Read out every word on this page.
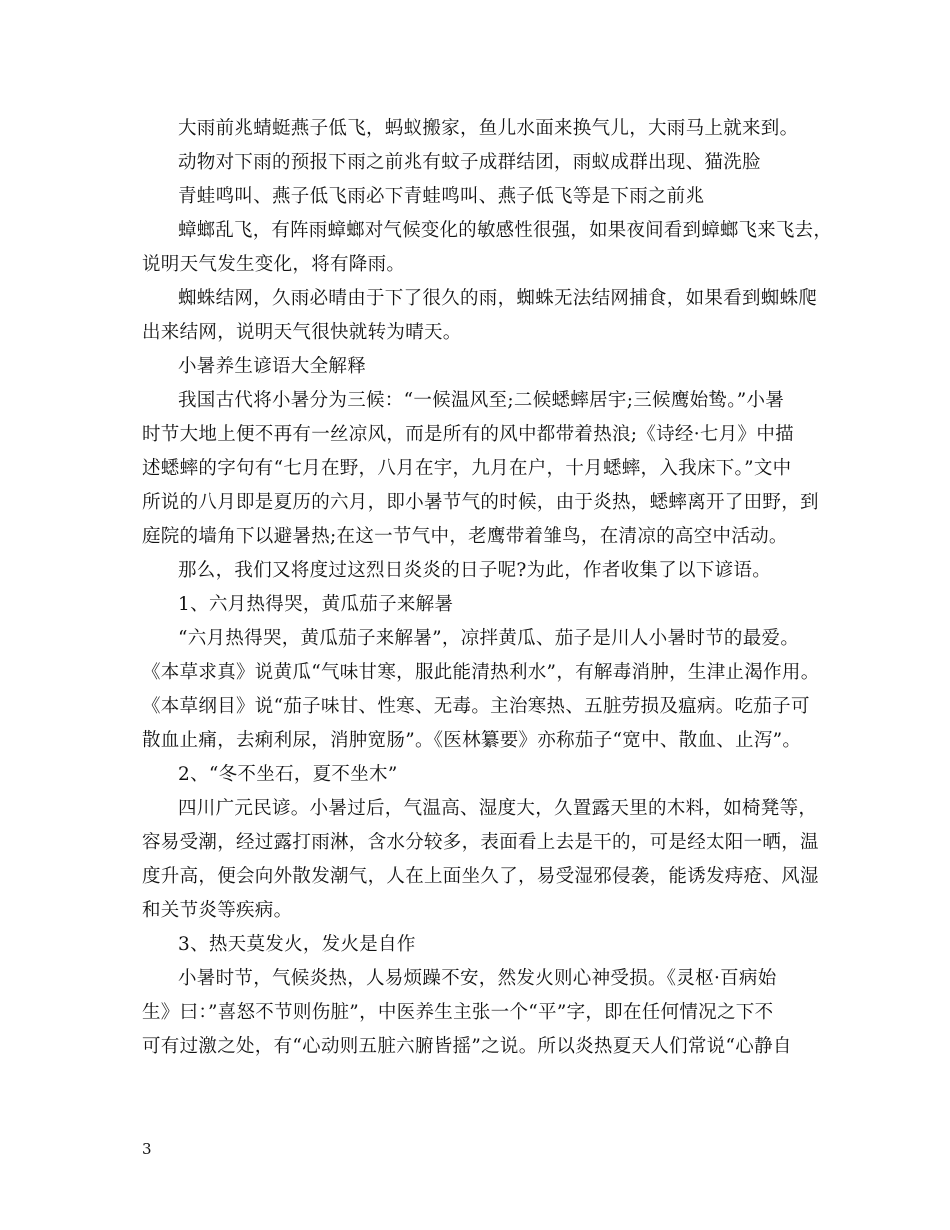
大雨前兆蜻蜓燕子低飞，蚂蚁搬家，鱼儿水面来换气儿，大雨马上就来到。
动物对下雨的预报下雨之前兆有蚊子成群结团，雨蚁成群出现、猫洗脸
青蛙鸣叫、燕子低飞雨必下青蛙鸣叫、燕子低飞等是下雨之前兆
蟑螂乱飞，有阵雨蟑螂对气候变化的敏感性很强，如果夜间看到蟑螂飞来飞去，
说明天气发生变化，将有降雨。
蜘蛛结网，久雨必晴由于下了很久的雨，蜘蛛无法结网捕食，如果看到蜘蛛爬
出来结网，说明天气很快就转为晴天。
小暑养生谚语大全解释
我国古代将小暑分为三候：“一候温风至;二候蟋蟀居宇;三候鹰始鸷。”小暑
时节大地上便不再有一丝凉风，而是所有的风中都带着热浪;《诗经·七月》中描
述蟋蟀的字句有“七月在野，八月在宇，九月在户，十月蟋蟀，入我床下。”文中
所说的八月即是夏历的六月，即小暑节气的时候，由于炎热，蟋蟀离开了田野，到
庭院的墙角下以避暑热;在这一节气中，老鹰带着雏鸟，在清凉的高空中活动。
那么，我们又将度过这烈日炎炎的日子呢?为此，作者收集了以下谚语。
1、六月热得哭，黄瓜茄子来解暑
“六月热得哭，黄瓜茄子来解暑”，凉拌黄瓜、茄子是川人小暑时节的最爱。
《本草求真》说黄瓜“气味甘寒，服此能清热利水”，有解毒消肿，生津止渴作用。
《本草纲目》说“茄子味甘、性寒、无毒。主治寒热、五脏劳损及瘟病。吃茄子可
散血止痛，去痢利尿，消肿宽肠”。《医林纂要》亦称茄子“宽中、散血、止泻”。
2、“冬不坐石，夏不坐木”
四川广元民谚。小暑过后，气温高、湿度大，久置露天里的木料，如椅凳等，
容易受潮，经过露打雨淋，含水分较多，表面看上去是干的，可是经太阳一晒，温
度升高，便会向外散发潮气，人在上面坐久了，易受湿邪侵袭，能诱发痔疮、风湿
和关节炎等疾病。
3、热天莫发火，发火是自作
小暑时节，气候炎热，人易烦躁不安，然发火则心神受损。《灵枢·百病始
生》曰：”喜怒不节则伤脏”，中医养生主张一个“平”字，即在任何情况之下不
可有过激之处，有“心动则五脏六腑皆摇”之说。所以炎热夏天人们常说“心静自
3
